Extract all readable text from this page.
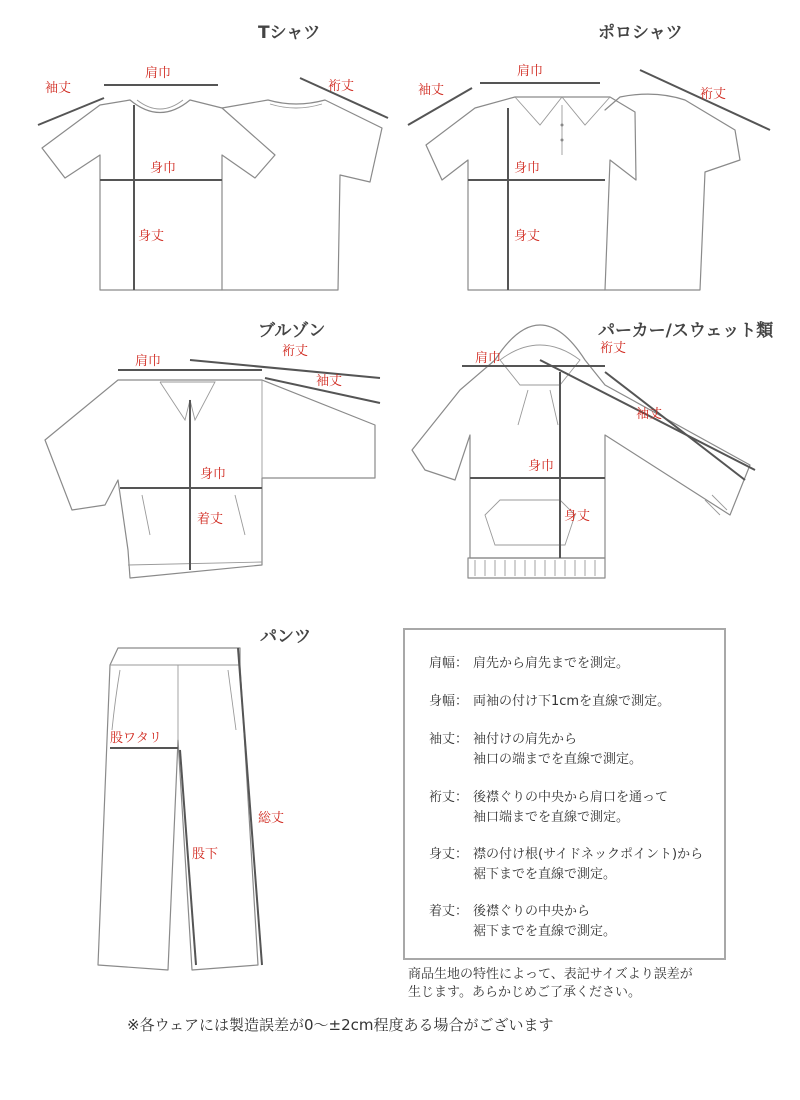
Tシャツ
袖丈
肩巾
裄丈
身巾
身丈
ポロシャツ
袖丈
肩巾
裄丈
身巾
身丈
ブルゾン
肩巾
裄丈
袖丈
身巾
着丈
パーカー/スウェット類
肩巾
裄丈
袖丈
身巾
身丈
パンツ
股ワタリ
総丈
股下
肩幅： 肩先から肩先までを測定。
身幅： 両袖の付け下1cmを直線で測定。
袖丈： 袖付けの肩先から
袖口の端までを直線で測定。
裄丈： 後襟ぐりの中央から肩口を通って
袖口端までを直線で測定。
身丈： 襟の付け根(サイドネックポイント)から
裾下までを直線で測定。
着丈： 後襟ぐりの中央から
裾下までを直線で測定。
商品生地の特性によって、表記サイズより誤差が
生じます。あらかじめご了承ください。
※各ウェアには製造誤差が0～±2cm程度ある場合がございます
